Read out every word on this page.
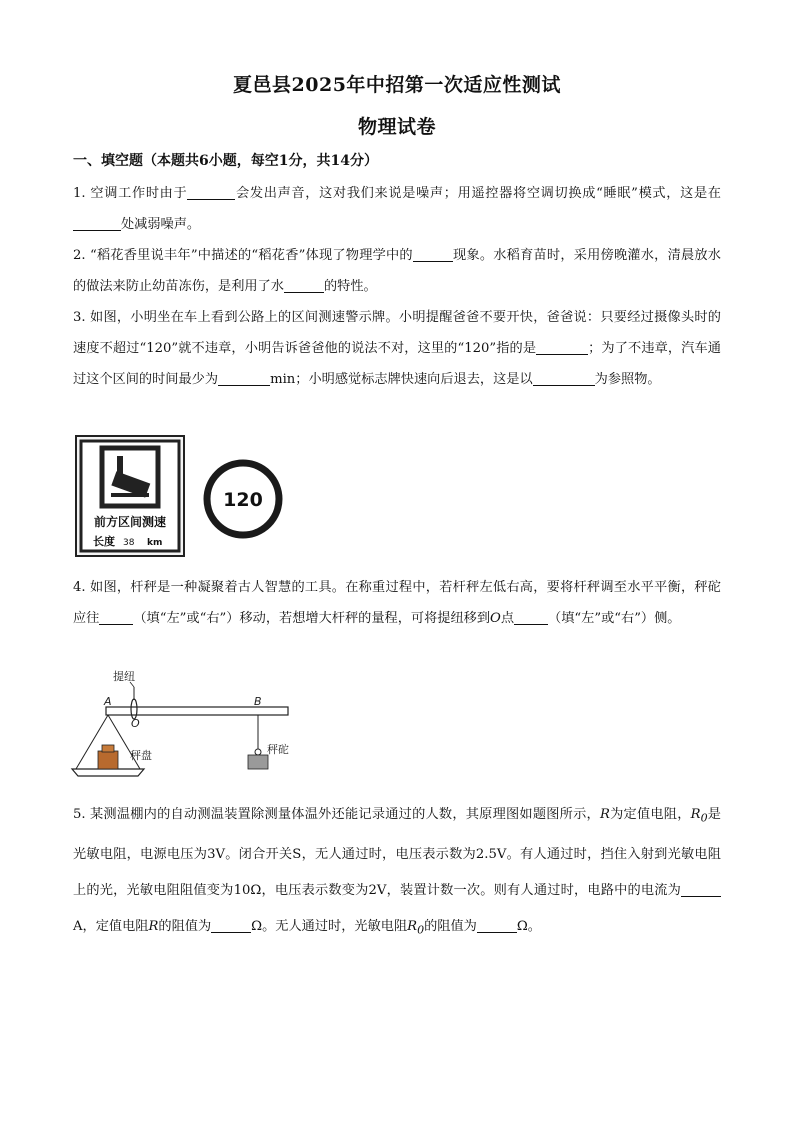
夏邑县2025年中招第一次适应性测试
物理试卷
一、填空题（本题共6小题，每空1分，共14分）
1. 空调工作时由于	会发出声音，这对我们来说是噪声；用遥控器将空调切换成“睡眠”模式，这是在处减弱噪声。
2. “稻花香里说丰年”中描述的“稻花香”体现了物理学中的	现象。水稻育苗时，采用傍晚灌水，清晨放水的做法来防止幼苗冻伤，是利用了水	的特性。
3. 如图，小明坐在车上看到公路上的区间测速警示牌。小明提醒爸爸不要开快，爸爸说：只要经过摄像头时的速度不超过“120”就不违章，小明告诉爸爸他的说法不对，这里的“120”指的是	；为了不违章，汽车通过这个区间的时间最少为	min；小明感觉标志牌快速向后退去，这是以	为参照物。
前方区间测速
长度 38 km
120
4. 如图，杆秤是一种凝聚着古人智慧的工具。在称重过程中，若杆秤左低右高，要将杆秤调至水平平衡，秤砣应往	（填“左”或“右”）移动，若想增大杆秤的量程，可将提纽移到O点	（填“左”或“右”）侧。
提纽
A
O
B
秤盘	秤砣
5. 某测温棚内的自动测温装置除测量体温外还能记录通过的人数，其原理图如题图所示，R为定值电阻，$R_0$是光敏电阻，电源电压为3V。闭合开关S，无人通过时，电压表示数为2.5V。有人通过时，挡住入射到光敏电阻上的光，光敏电阻阻值变为10Ω，电压表示数变为2V，装置计数一次。则有人通过时，电路中的电流为A，定值电阻R的阻值为	Ω。无人通过时，光敏电阻$R_0$的阻值为	Ω。
